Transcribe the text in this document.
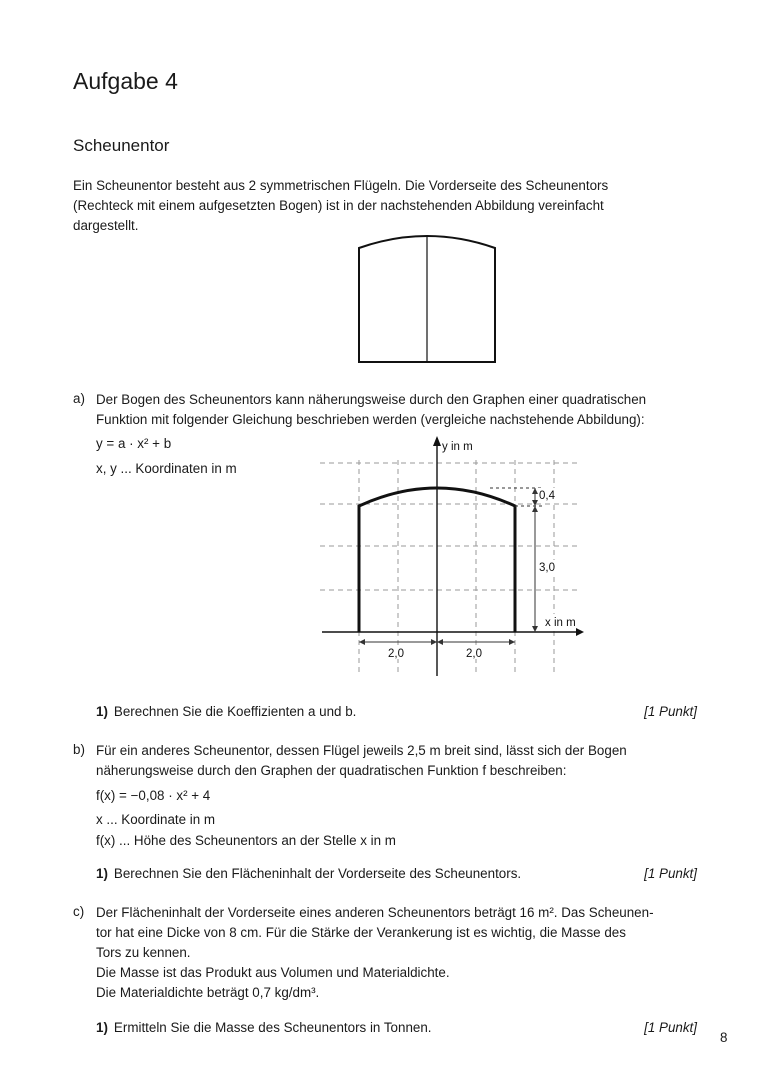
Aufgabe 4
Scheunentor
Ein Scheunentor besteht aus 2 symmetrischen Flügeln. Die Vorderseite des Scheunentors
(Rechteck mit einem aufgesetzten Bogen) ist in der nachstehenden Abbildung vereinfacht
dargestellt.
a) Der Bogen des Scheunentors kann näherungsweise durch den Graphen einer quadratischen
Funktion mit folgender Gleichung beschrieben werden (vergleiche nachstehende Abbildung):
y = a · x² + b
x, y ... Koordinaten in m
0,4
3,0
2,0	2,0
y in m
x in m
1) Berechnen Sie die Koeffizienten a und b.	[1 Punkt]
b) Für ein anderes Scheunentor, dessen Flügel jeweils 2,5 m breit sind, lässt sich der Bogen
näherungsweise durch den Graphen der quadratischen Funktion f beschreiben:
f(x) = −0,08 · x² + 4
x ... Koordinate in m
f(x) ... Höhe des Scheunentors an der Stelle x in m
1) Berechnen Sie den Flächeninhalt der Vorderseite des Scheunentors.	[1 Punkt]
c) Der Flächeninhalt der Vorderseite eines anderen Scheunentors beträgt 16 m². Das Scheunen-
tor hat eine Dicke von 8 cm. Für die Stärke der Verankerung ist es wichtig, die Masse des
Tors zu kennen.
Die Masse ist das Produkt aus Volumen und Materialdichte.
Die Materialdichte beträgt 0,7 kg/dm³.
1) Ermitteln Sie die Masse des Scheunentors in Tonnen.	[1 Punkt]
8
